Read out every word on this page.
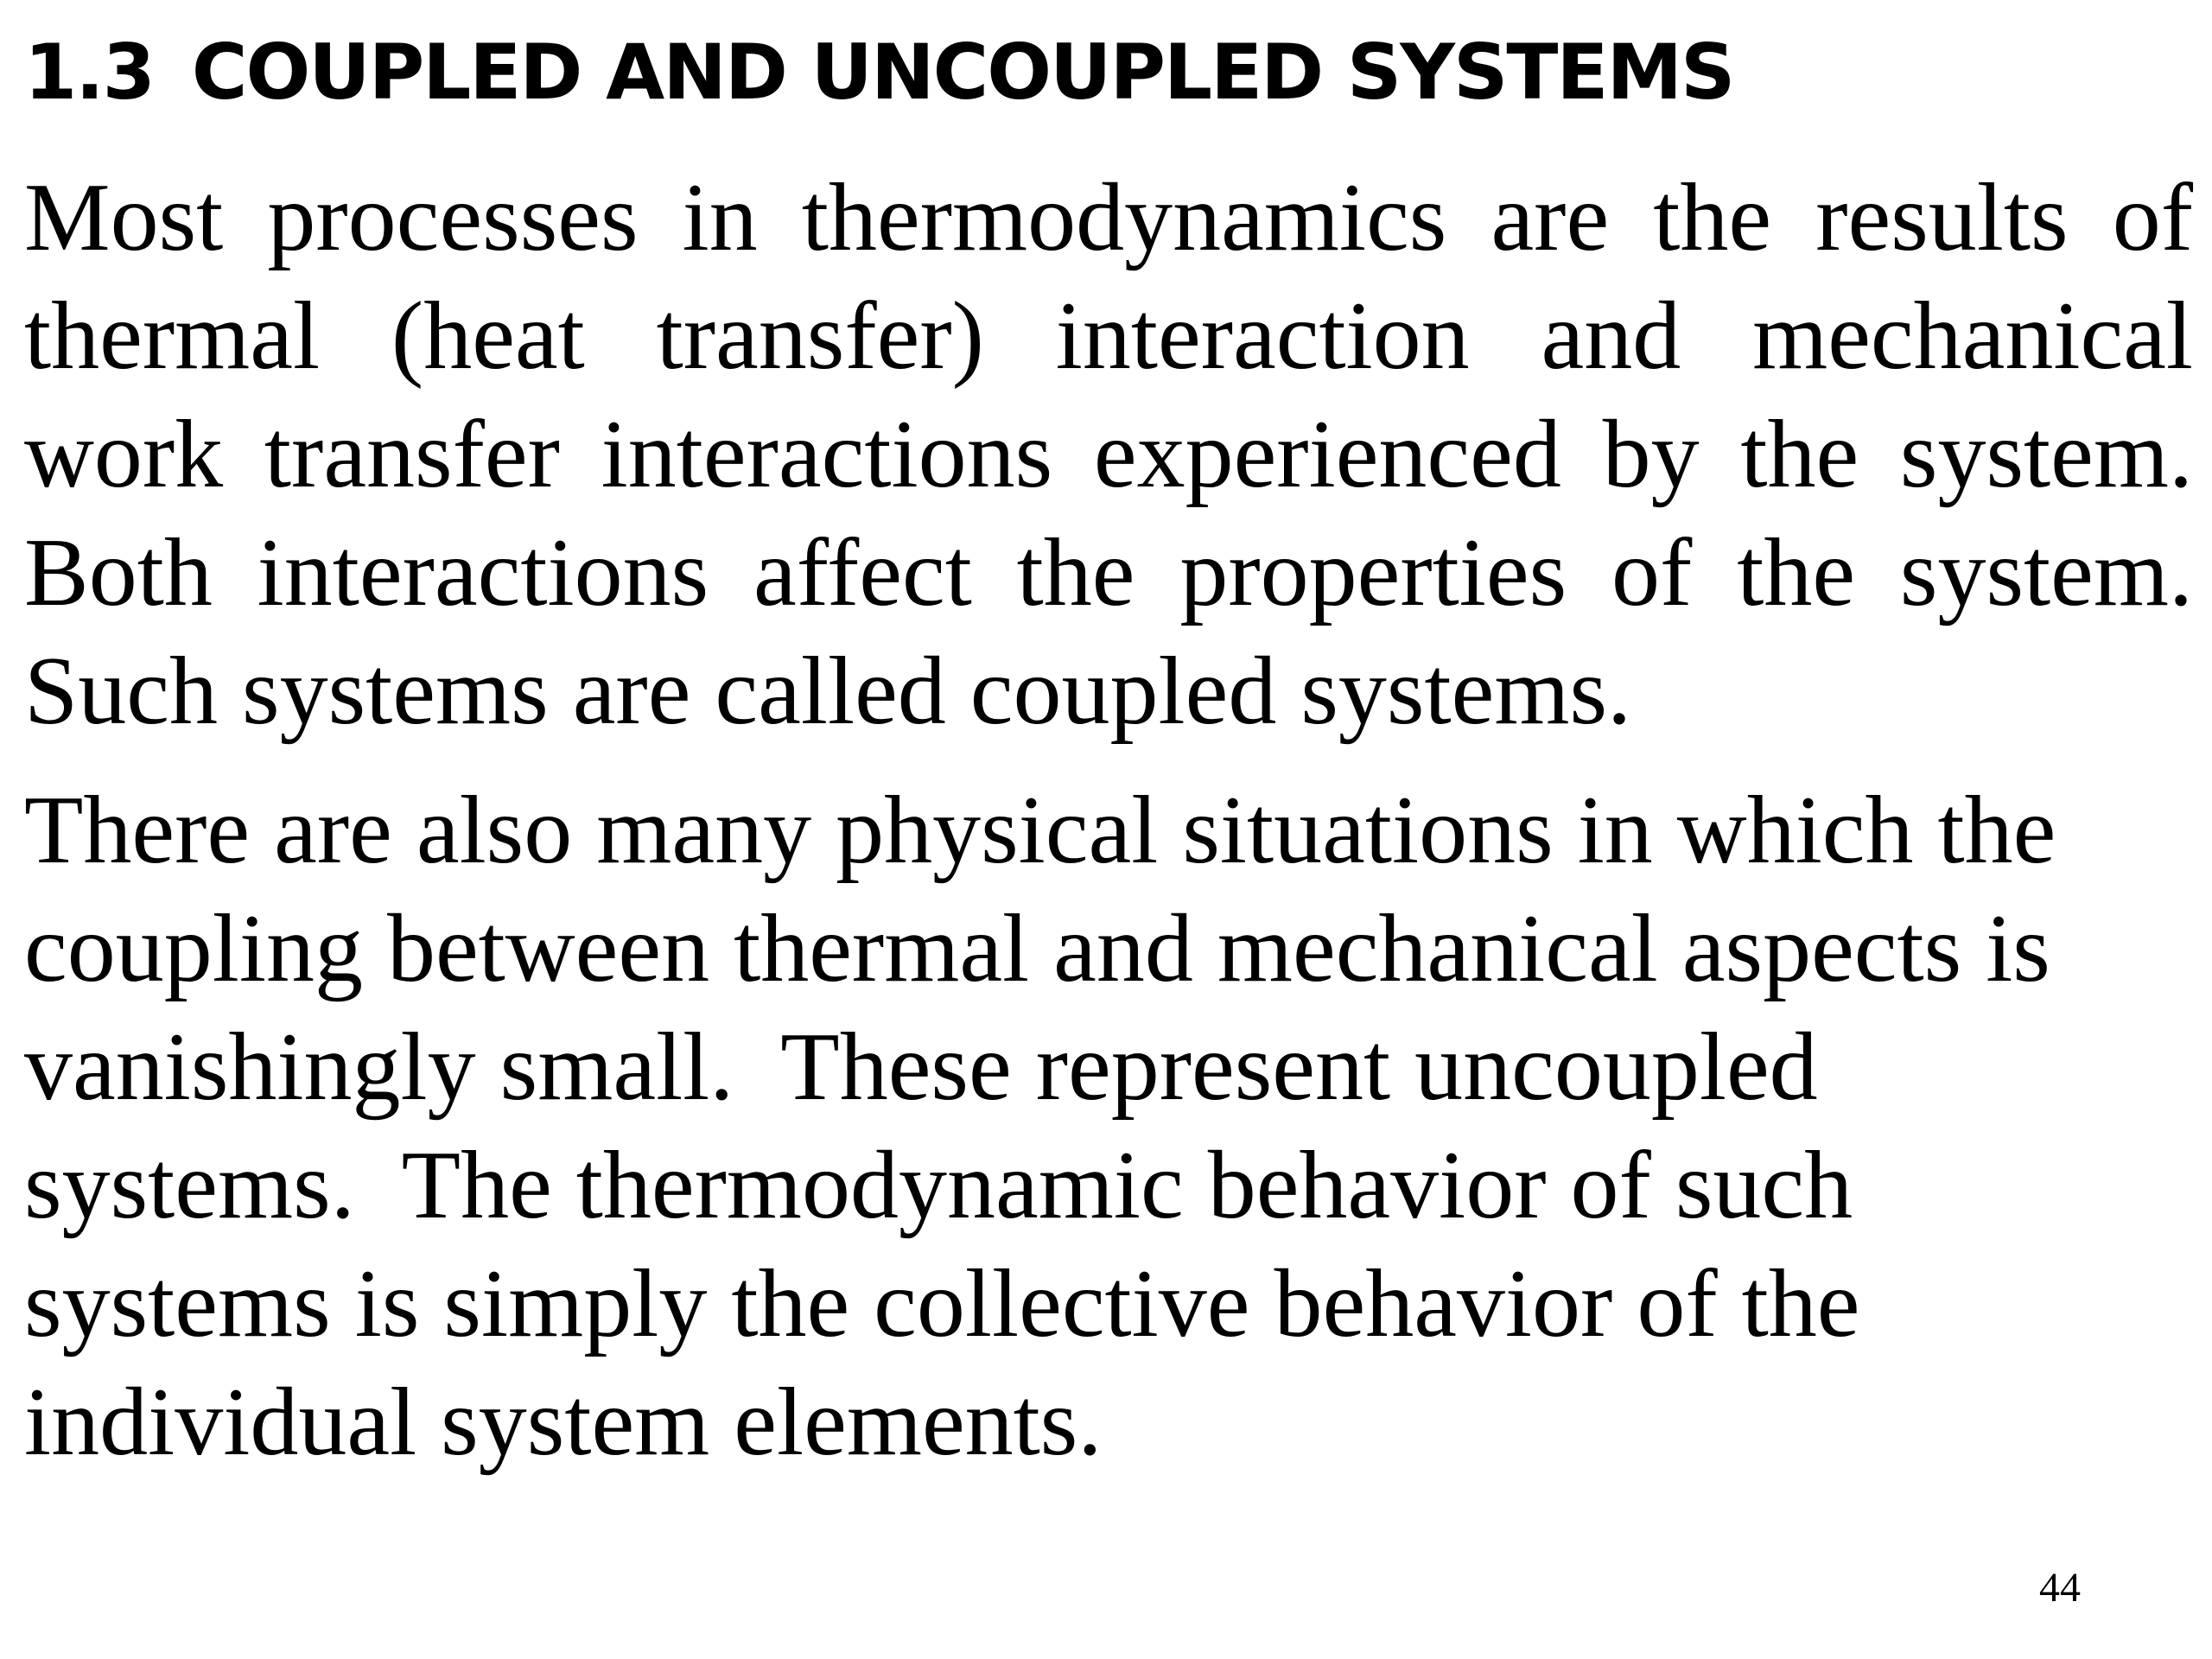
1.3 COUPLED AND UNCOUPLED SYSTEMS
Most processes in thermodynamics are the results of
thermal (heat transfer) interaction and mechanical
work transfer interactions experienced by the system.
Both interactions affect the properties of the system.
Such systems are called coupled systems.
There are also many physical situations in which the
coupling between thermal and mechanical aspects is
vanishingly small.  These represent uncoupled
systems.  The thermodynamic behavior of such
systems is simply the collective behavior of the
individual system elements.
44
